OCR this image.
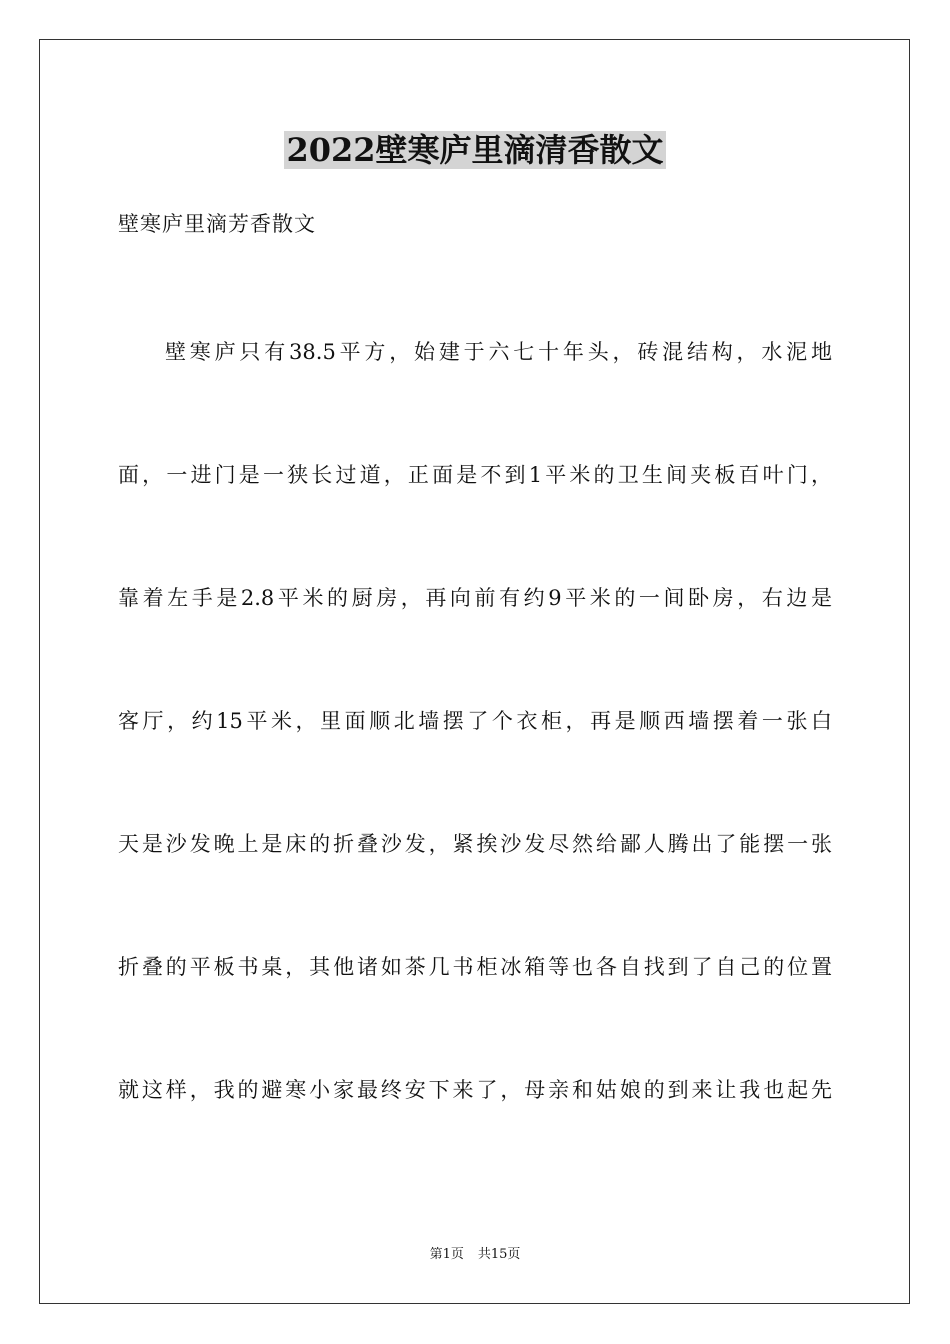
2022壁寒庐里滴清香散文
壁寒庐里滴芳香散文
壁寒庐只有38.5平方，始建于六七十年头，砖混结构，水泥地
面，一进门是一狭长过道，正面是不到1平米的卫生间夹板百叶门，
靠着左手是2.8平米的厨房，再向前有约9平米的一间卧房，右边是
客厅，约15平米，里面顺北墙摆了个衣柜，再是顺西墙摆着一张白
天是沙发晚上是床的折叠沙发，紧挨沙发尽然给鄙人腾出了能摆一张
折叠的平板书桌，其他诸如茶几书柜冰箱等也各自找到了自己的位置
就这样，我的避寒小家最终安下来了，母亲和姑娘的到来让我也起先
第1页 共15页
